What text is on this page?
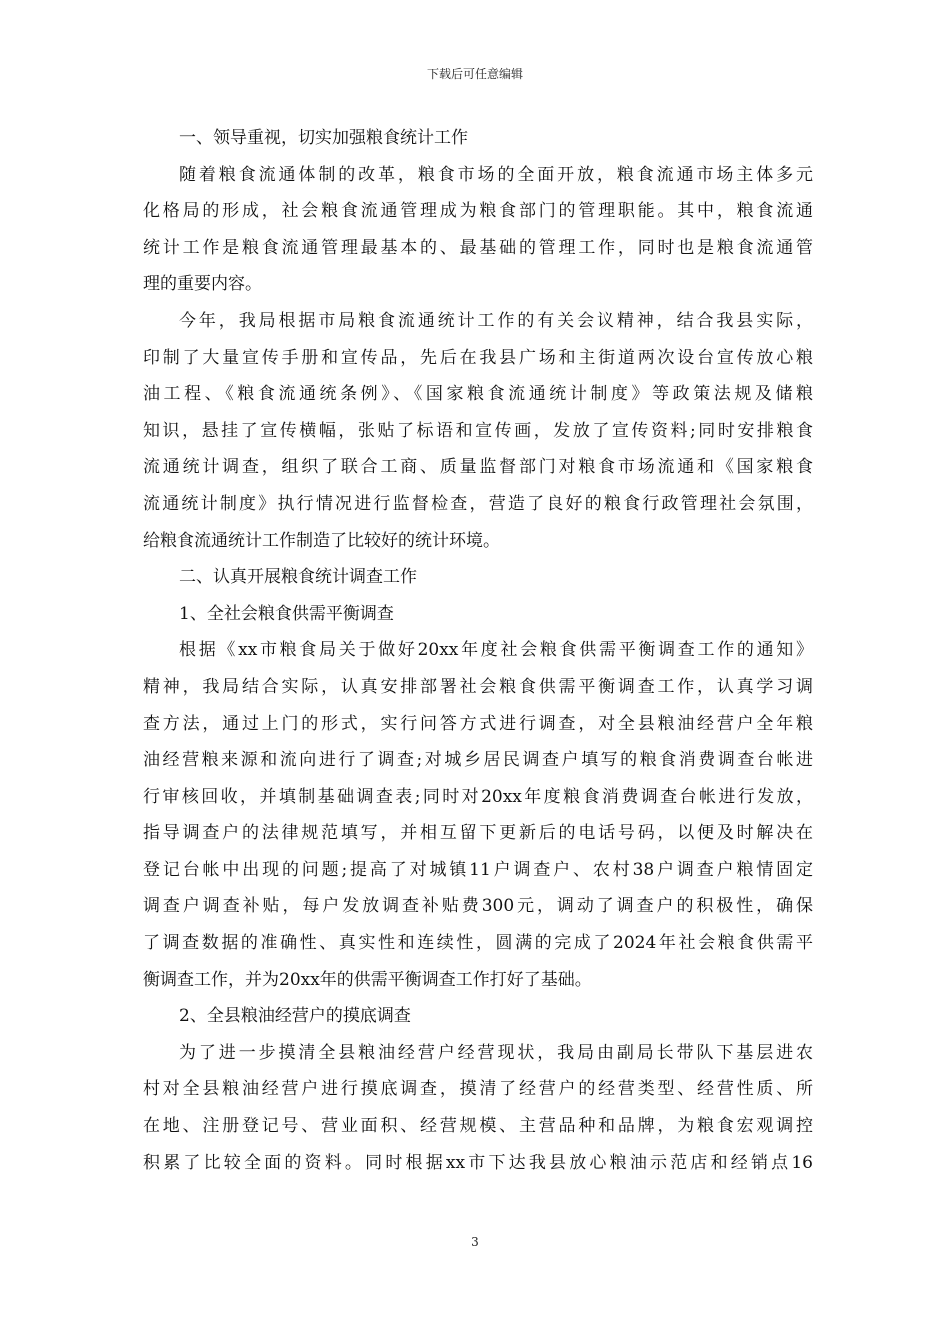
下载后可任意编辑
一、领导重视，切实加强粮食统计工作
随着粮食流通体制的改革，粮食市场的全面开放，粮食流通市场主体多元
化格局的形成，社会粮食流通管理成为粮食部门的管理职能。其中，粮食流通
统计工作是粮食流通管理最基本的、最基础的管理工作，同时也是粮食流通管
理的重要内容。
今年，我局根据市局粮食流通统计工作的有关会议精神，结合我县实际，
印制了大量宣传手册和宣传品，先后在我县广场和主街道两次设台宣传放心粮
油工程、《粮食流通统条例》、《国家粮食流通统计制度》等政策法规及储粮
知识，悬挂了宣传横幅，张贴了标语和宣传画，发放了宣传资料;同时安排粮食
流通统计调查，组织了联合工商、质量监督部门对粮食市场流通和《国家粮食
流通统计制度》执行情况进行监督检查，营造了良好的粮食行政管理社会氛围，
给粮食流通统计工作制造了比较好的统计环境。
二、认真开展粮食统计调查工作
1、全社会粮食供需平衡调查
根据《xx市粮食局关于做好20xx年度社会粮食供需平衡调查工作的通知》
精神，我局结合实际，认真安排部署社会粮食供需平衡调查工作，认真学习调
查方法，通过上门的形式，实行问答方式进行调查，对全县粮油经营户全年粮
油经营粮来源和流向进行了调查;对城乡居民调查户填写的粮食消费调查台帐进
行审核回收，并填制基础调查表;同时对20xx年度粮食消费调查台帐进行发放，
指导调查户的法律规范填写，并相互留下更新后的电话号码，以便及时解决在
登记台帐中出现的问题;提高了对城镇11户调查户、农村38户调查户粮情固定
调查户调查补贴，每户发放调查补贴费300元，调动了调查户的积极性，确保
了调查数据的准确性、真实性和连续性，圆满的完成了2024年社会粮食供需平
衡调查工作，并为20xx年的供需平衡调查工作打好了基础。
2、全县粮油经营户的摸底调查
为了进一步摸清全县粮油经营户经营现状，我局由副局长带队下基层进农
村对全县粮油经营户进行摸底调查，摸清了经营户的经营类型、经营性质、所
在地、注册登记号、营业面积、经营规模、主营品种和品牌，为粮食宏观调控
积累了比较全面的资料。同时根据xx市下达我县放心粮油示范店和经销点16
3
